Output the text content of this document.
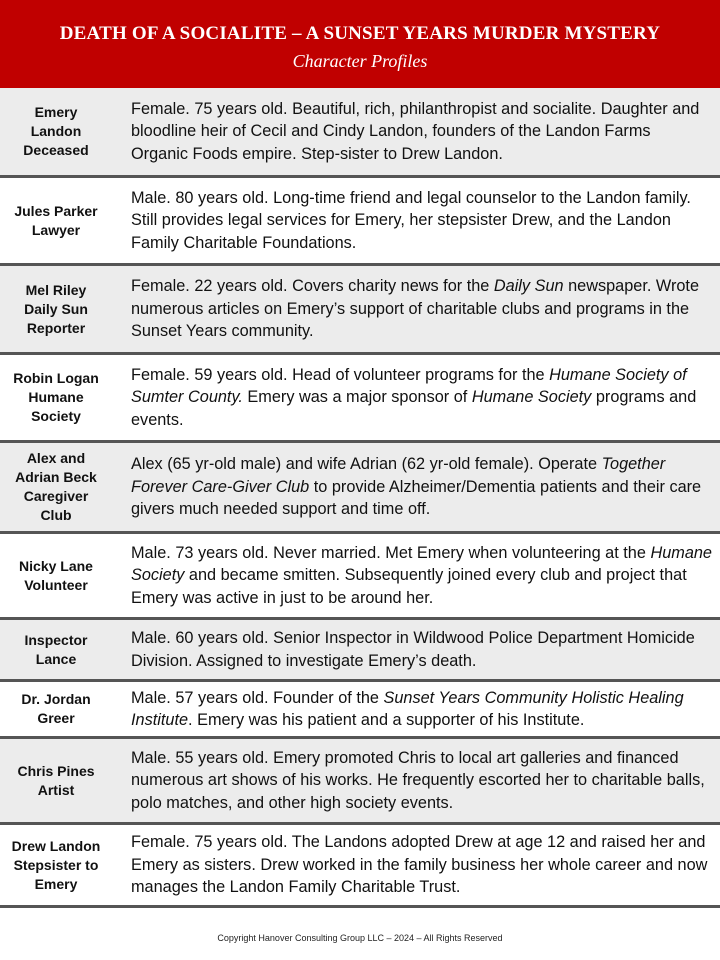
DEATH OF A SOCIALITE – A SUNSET YEARS MURDER MYSTERY
Character Profiles
Emery
Landon
Deceased
Female. 75 years old. Beautiful, rich, philanthropist and socialite. Daughter and bloodline heir of Cecil and Cindy Landon, founders of the Landon Farms Organic Foods empire. Step-sister to Drew Landon.
Jules Parker
Lawyer
Male. 80 years old. Long-time friend and legal counselor to the Landon family. Still provides legal services for Emery, her stepsister Drew, and the Landon Family Charitable Foundations.
Mel Riley
Daily Sun
Reporter
Female. 22 years old. Covers charity news for the Daily Sun newspaper. Wrote numerous articles on Emery’s support of charitable clubs and programs in the Sunset Years community.
Robin Logan
Humane
Society
Female. 59 years old. Head of volunteer programs for the Humane Society of Sumter County. Emery was a major sponsor of Humane Society programs and events.
Alex and
Adrian Beck
Caregiver
Club
Alex (65 yr-old male) and wife Adrian (62 yr-old female). Operate Together Forever Care-Giver Club to provide Alzheimer/Dementia patients and their care givers much needed support and time off.
Nicky Lane
Volunteer
Male. 73 years old. Never married. Met Emery when volunteering at the Humane Society and became smitten. Subsequently joined every club and project that Emery was active in just to be around her.
Inspector
Lance
Male. 60 years old. Senior Inspector in Wildwood Police Department Homicide Division. Assigned to investigate Emery’s death.
Dr. Jordan
Greer
Male. 57 years old. Founder of the Sunset Years Community Holistic Healing Institute. Emery was his patient and a supporter of his Institute.
Chris Pines
Artist
Male. 55 years old. Emery promoted Chris to local art galleries and financed numerous art shows of his works. He frequently escorted her to charitable balls, polo matches, and other high society events.
Drew Landon
Stepsister to
Emery
Female. 75 years old. The Landons adopted Drew at age 12 and raised her and Emery as sisters. Drew worked in the family business her whole career and now manages the Landon Family Charitable Trust.
Copyright Hanover Consulting Group LLC – 2024 – All Rights Reserved
